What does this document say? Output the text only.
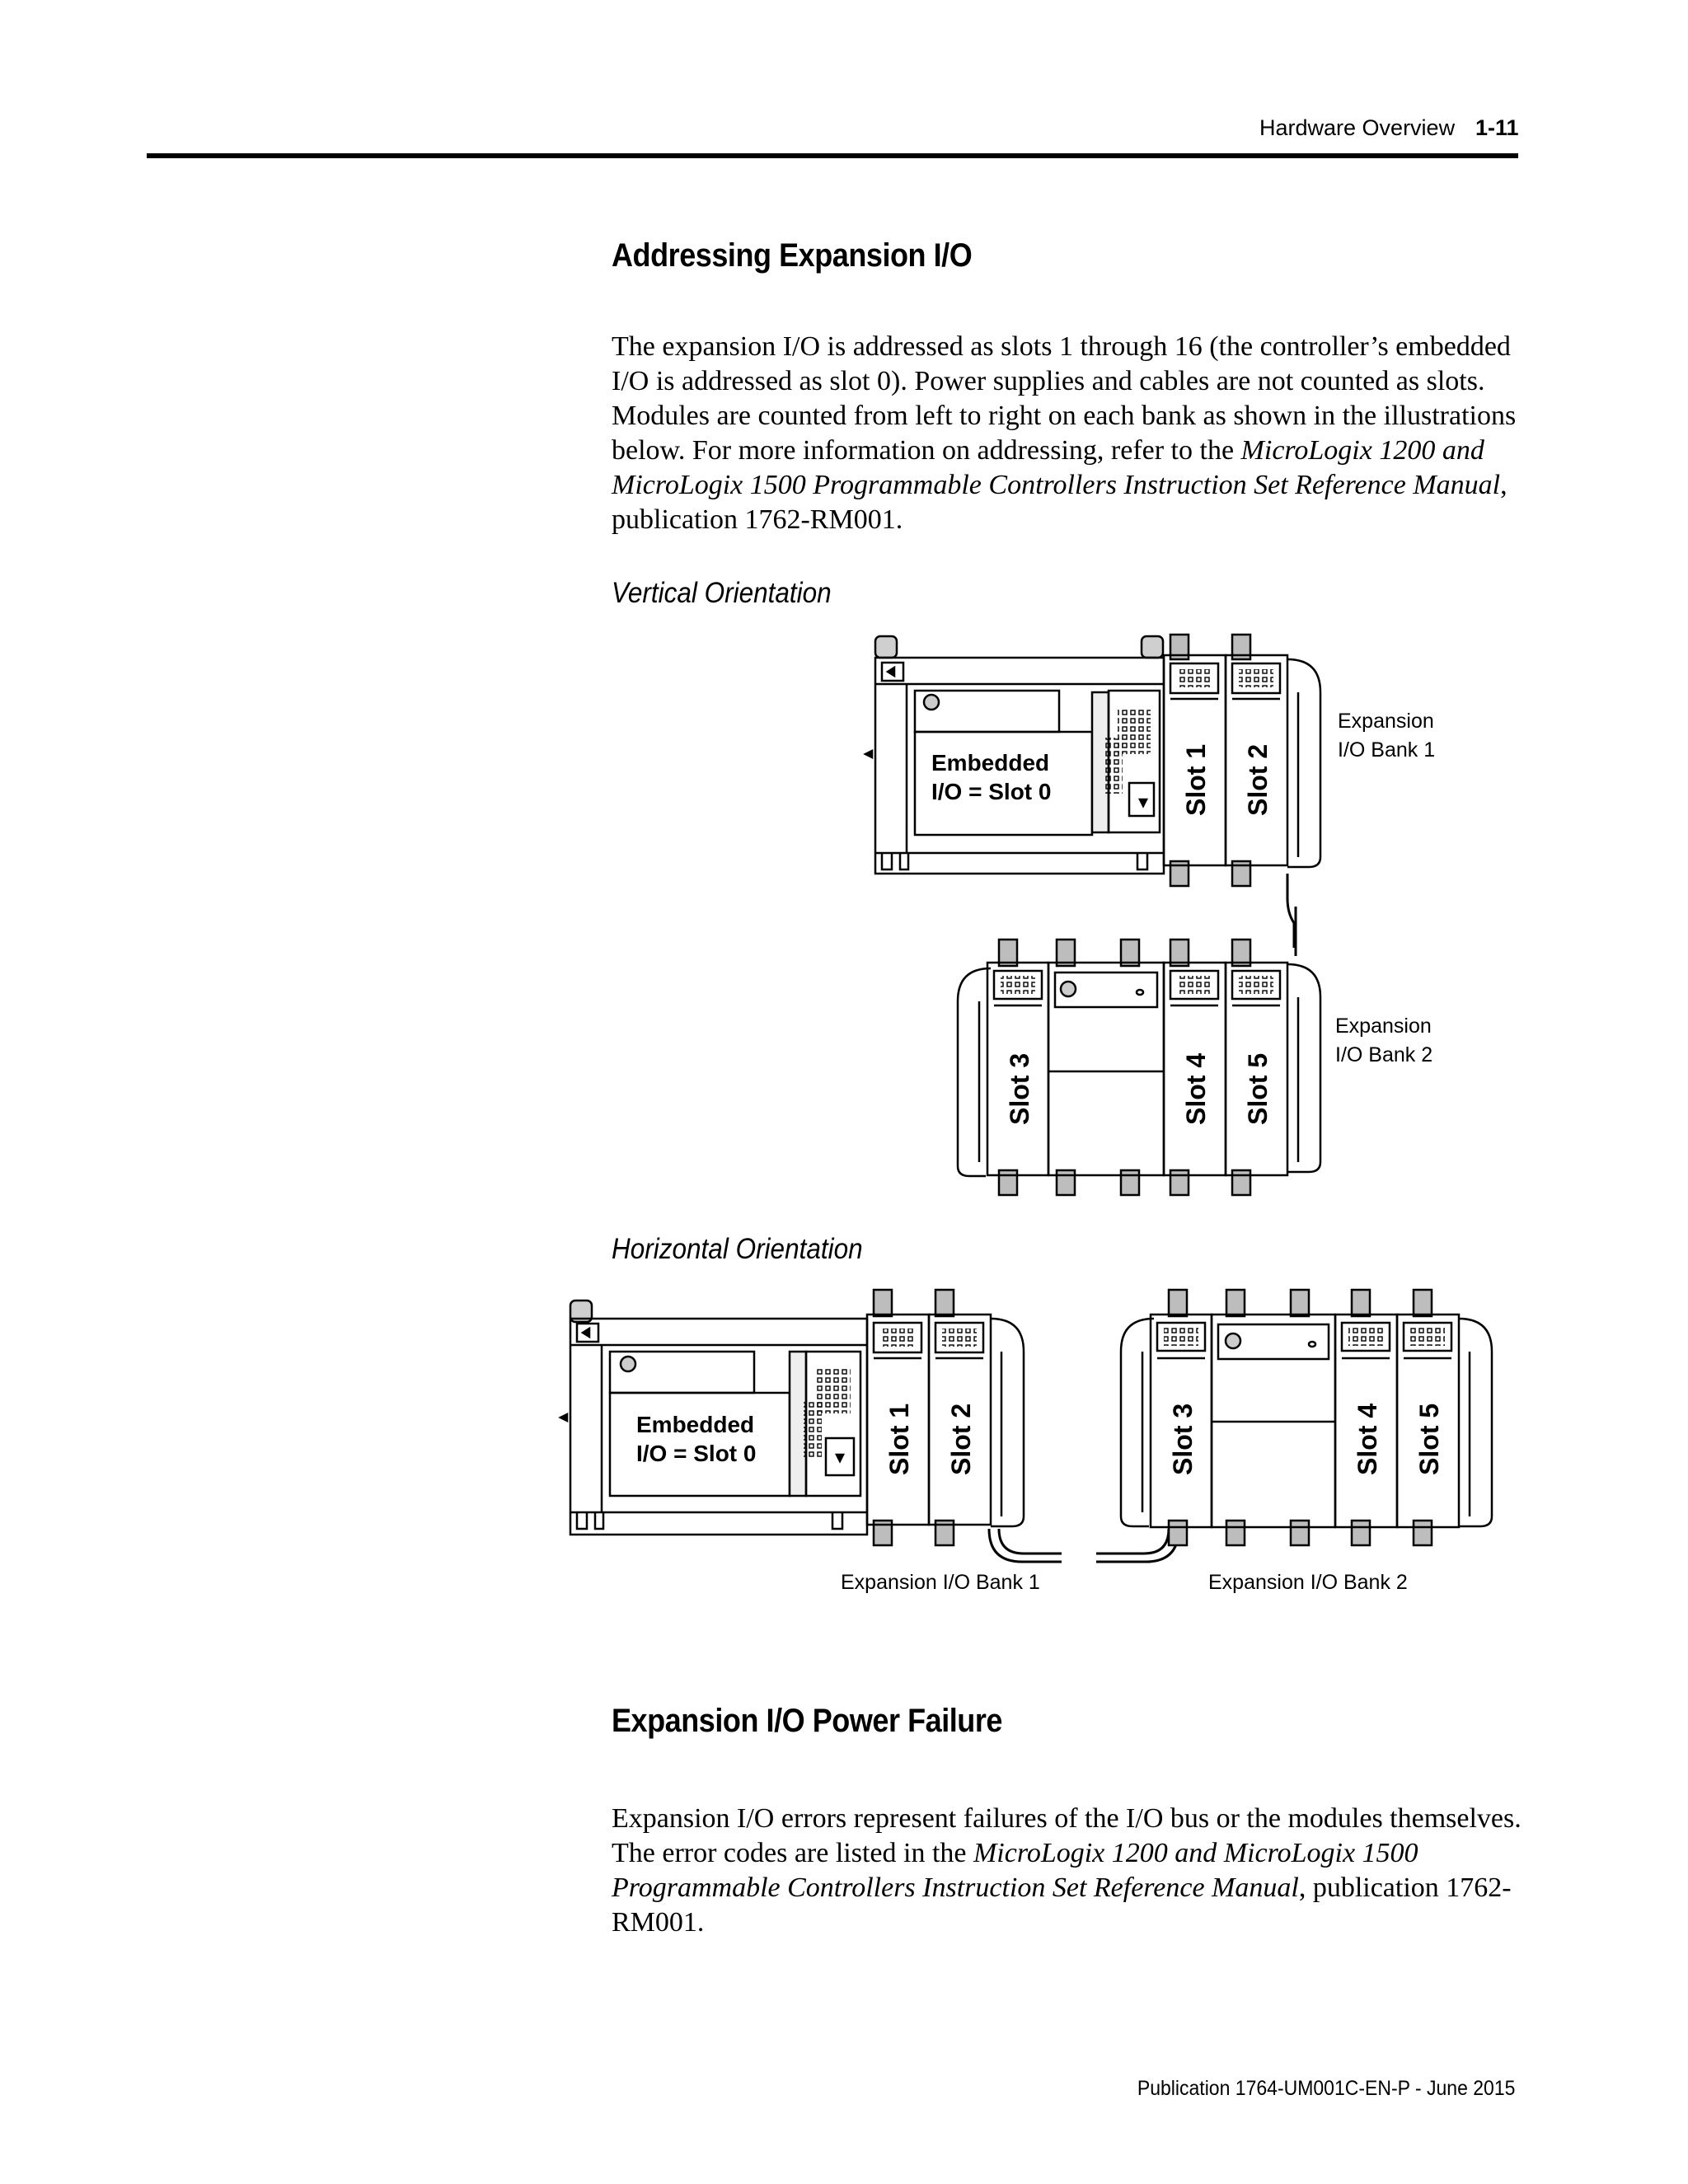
Hardware Overview 1-11
Addressing Expansion I/O
The expansion I/O is addressed as slots 1 through 16 (the controller’s embedded I/O is addressed as slot 0). Power supplies and cables are not counted as slots. Modules are counted from left to right on each bank as shown in the illustrations below. For more information on addressing, refer to the MicroLogix 1200 and MicroLogix 1500 Programmable Controllers Instruction Set Reference Manual, publication 1762-RM001.
Vertical Orientation
Horizontal Orientation
Embedded
I/O = Slot 0	Slot 1 Slot 2
Expansion
I/O Bank 1
Slot 3	Slot 4 Slot 5
Expansion
I/O Bank 2
Embedded
I/O = Slot 0	Slot 1 Slot 2
Expansion I/O Bank 1
Slot 3	Slot 4 Slot 5
Expansion I/O Bank 2
Expansion I/O Power Failure
Expansion I/O errors represent failures of the I/O bus or the modules themselves. The error codes are listed in the MicroLogix 1200 and MicroLogix 1500 Programmable Controllers Instruction Set Reference Manual, publication 1762-RM001.
Publication 1764-UM001C-EN-P - June 2015
